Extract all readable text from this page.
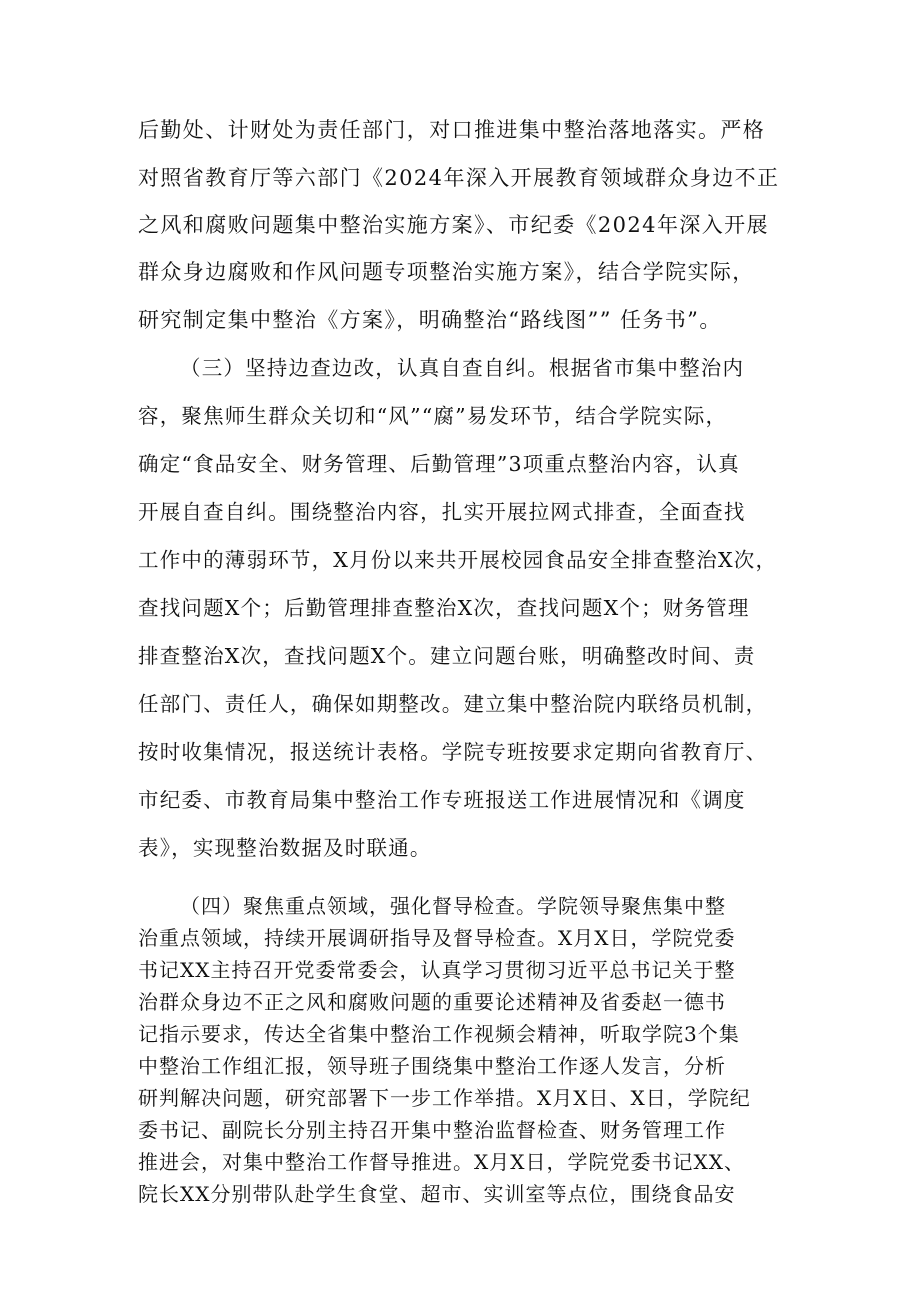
后勤处、计财处为责任部门，对口推进集中整治落地落实。严格
对照省教育厅等六部门《2024年深入开展教育领域群众身边不正
之风和腐败问题集中整治实施方案》、市纪委《2024年深入开展
群众身边腐败和作风问题专项整治实施方案》，结合学院实际，
研究制定集中整治《方案》，明确整治“路线图”” 任务书”。
（三）坚持边查边改，认真自查自纠。根据省市集中整治内
容，聚焦师生群众关切和“风”“腐”易发环节，结合学院实际，
确定“食品安全、财务管理、后勤管理”3项重点整治内容，认真
开展自查自纠。围绕整治内容，扎实开展拉网式排查，全面查找
工作中的薄弱环节，X月份以来共开展校园食品安全排查整治X次，
查找问题X个；后勤管理排查整治X次，查找问题X个；财务管理
排查整治X次，查找问题X个。建立问题台账，明确整改时间、责
任部门、责任人，确保如期整改。建立集中整治院内联络员机制，
按时收集情况，报送统计表格。学院专班按要求定期向省教育厅、
市纪委、市教育局集中整治工作专班报送工作进展情况和《调度
表》，实现整治数据及时联通。
（四）聚焦重点领域，强化督导检查。学院领导聚焦集中整
治重点领域，持续开展调研指导及督导检查。X月X日，学院党委
书记XX主持召开党委常委会，认真学习贯彻习近平总书记关于整
治群众身边不正之风和腐败问题的重要论述精神及省委赵一德书
记指示要求，传达全省集中整治工作视频会精神，听取学院3个集
中整治工作组汇报，领导班子围绕集中整治工作逐人发言，分析
研判解决问题，研究部署下一步工作举措。X月X日、X日，学院纪
委书记、副院长分别主持召开集中整治监督检查、财务管理工作
推进会，对集中整治工作督导推进。X月X日，学院党委书记XX、
院长XX分别带队赴学生食堂、超市、实训室等点位，围绕食品安
